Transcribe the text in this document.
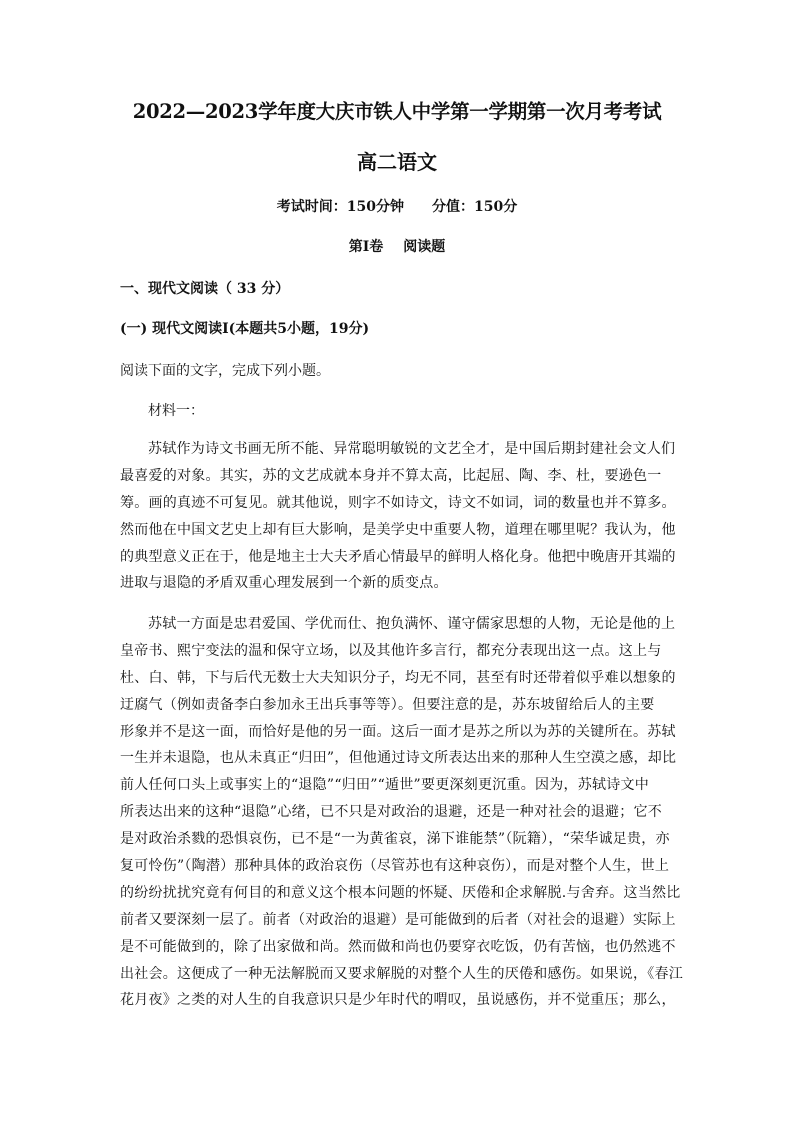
2022—2023学年度大庆市铁人中学第一学期第一次月考考试
高二语文
考试时间：150分钟 分值：150分
第Ⅰ卷 阅读题
一、现代文阅读（ 33 分）
(一) 现代文阅读Ⅰ(本题共5小题，19分)
阅读下面的文字，完成下列小题。
材料一：
苏轼作为诗文书画无所不能、异常聪明敏锐的文艺全才，是中国后期封建社会文人们
最喜爱的对象。其实，苏的文艺成就本身并不算太高，比起屈、陶、李、杜，要逊色一
筹。画的真迹不可复见。就其他说，则字不如诗文，诗文不如词，词的数量也并不算多。
然而他在中国文艺史上却有巨大影响，是美学史中重要人物，道理在哪里呢？我认为，他
的典型意义正在于，他是地主士大夫矛盾心情最早的鲜明人格化身。他把中晚唐开其端的
进取与退隐的矛盾双重心理发展到一个新的质变点。
苏轼一方面是忠君爱国、学优而仕、抱负满怀、谨守儒家思想的人物，无论是他的上
皇帝书、熙宁变法的温和保守立场，以及其他许多言行，都充分表现出这一点。这上与
杜、白、韩，下与后代无数士大夫知识分子，均无不同，甚至有时还带着似乎难以想象的
迂腐气（例如责备李白参加永王出兵事等等）。但要注意的是，苏东坡留给后人的主要
形象并不是这一面，而恰好是他的另一面。这后一面才是苏之所以为苏的关键所在。苏轼
一生并未退隐，也从未真正“归田”，但他通过诗文所表达出来的那种人生空漠之感，却比
前人任何口头上或事实上的“退隐”“归田”“遁世”要更深刻更沉重。因为，苏轼诗文中
所表达出来的这种“退隐”心绪，已不只是对政治的退避，还是一种对社会的退避；它不
是对政治杀戮的恐惧哀伤，已不是“一为黄雀哀，涕下谁能禁”（阮籍），“荣华诚足贵，亦
复可怜伤”（陶潜）那种具体的政治哀伤（尽管苏也有这种哀伤），而是对整个人生，世上
的纷纷扰扰究竟有何目的和意义这个根本问题的怀疑、厌倦和企求解脱.与舍弃。这当然比
前者又要深刻一层了。前者（对政治的退避）是可能做到的后者（对社会的退避）实际上
是不可能做到的，除了出家做和尚。然而做和尚也仍要穿衣吃饭，仍有苦恼，也仍然逃不
出社会。这便成了一种无法解脱而又要求解脱的对整个人生的厌倦和感伤。如果说，《春江
花月夜》之类的对人生的自我意识只是少年时代的喟叹，虽说感伤，并不觉重压；那么，
